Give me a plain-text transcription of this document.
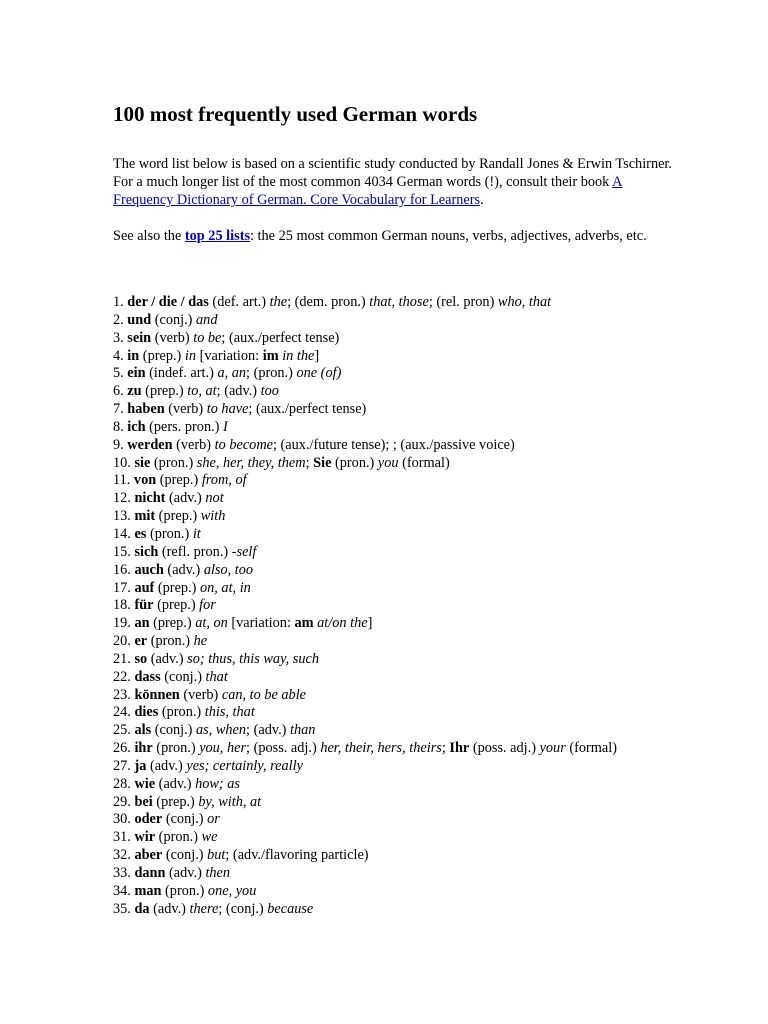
100 most frequently used German words

The word list below is based on a scientific study conducted by Randall Jones & Erwin Tschirner. For a much longer list of the most common 4034 German words (!), consult their book A Frequency Dictionary of German. Core Vocabulary for Learners.

See also the top 25 lists: the 25 most common German nouns, verbs, adjectives, adverbs, etc.

1. der / die / das (def. art.) the; (dem. pron.) that, those; (rel. pron) who, that
2. und (conj.) and
3. sein (verb) to be; (aux./perfect tense)
4. in (prep.) in [variation: im in the]
5. ein (indef. art.) a, an; (pron.) one (of)
6. zu (prep.) to, at; (adv.) too
7. haben (verb) to have; (aux./perfect tense)
8. ich (pers. pron.) I
9. werden (verb) to become; (aux./future tense); ; (aux./passive voice)
10. sie (pron.) she, her, they, them; Sie (pron.) you (formal)
11. von (prep.) from, of
12. nicht (adv.) not
13. mit (prep.) with
14. es (pron.) it
15. sich (refl. pron.) -self
16. auch (adv.) also, too
17. auf (prep.) on, at, in
18. für (prep.) for
19. an (prep.) at, on [variation: am at/on the]
20. er (pron.) he
21. so (adv.) so; thus, this way, such
22. dass (conj.) that
23. können (verb) can, to be able
24. dies (pron.) this, that
25. als (conj.) as, when; (adv.) than
26. ihr (pron.) you, her; (poss. adj.) her, their, hers, theirs; Ihr (poss. adj.) your (formal)
27. ja (adv.) yes; certainly, really
28. wie (adv.) how; as
29. bei (prep.) by, with, at
30. oder (conj.) or
31. wir (pron.) we
32. aber (conj.) but; (adv./flavoring particle)
33. dann (adv.) then
34. man (pron.) one, you
35. da (adv.) there; (conj.) because
